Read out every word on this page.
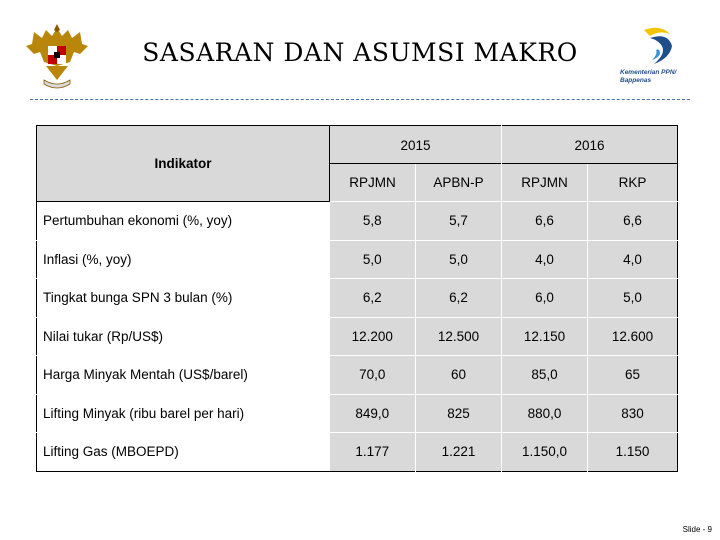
SASARAN DAN ASUMSI MAKRO
Kementerian PPN/
Bappenas
Indikator	2015		2016	

	RPJMN	APBN-P	RPJMN	RKP
Pertumbuhan ekonomi (%, yoy)	5,8	5,7	6,6	6,6
Inflasi (%, yoy)	5,0	5,0	4,0	4,0
Tingkat bunga SPN 3 bulan (%)	6,2	6,2	6,0	5,0
Nilai tukar (Rp/US$)	12.200	12.500	12.150	12.600
Harga Minyak Mentah (US$/barel)	70,0	60	85,0	65
Lifting Minyak (ribu barel per hari)	849,0	825	880,0	830
Lifting Gas (MBOEPD)	1.177	1.221	1.150,0	1.150
Slide - 9
